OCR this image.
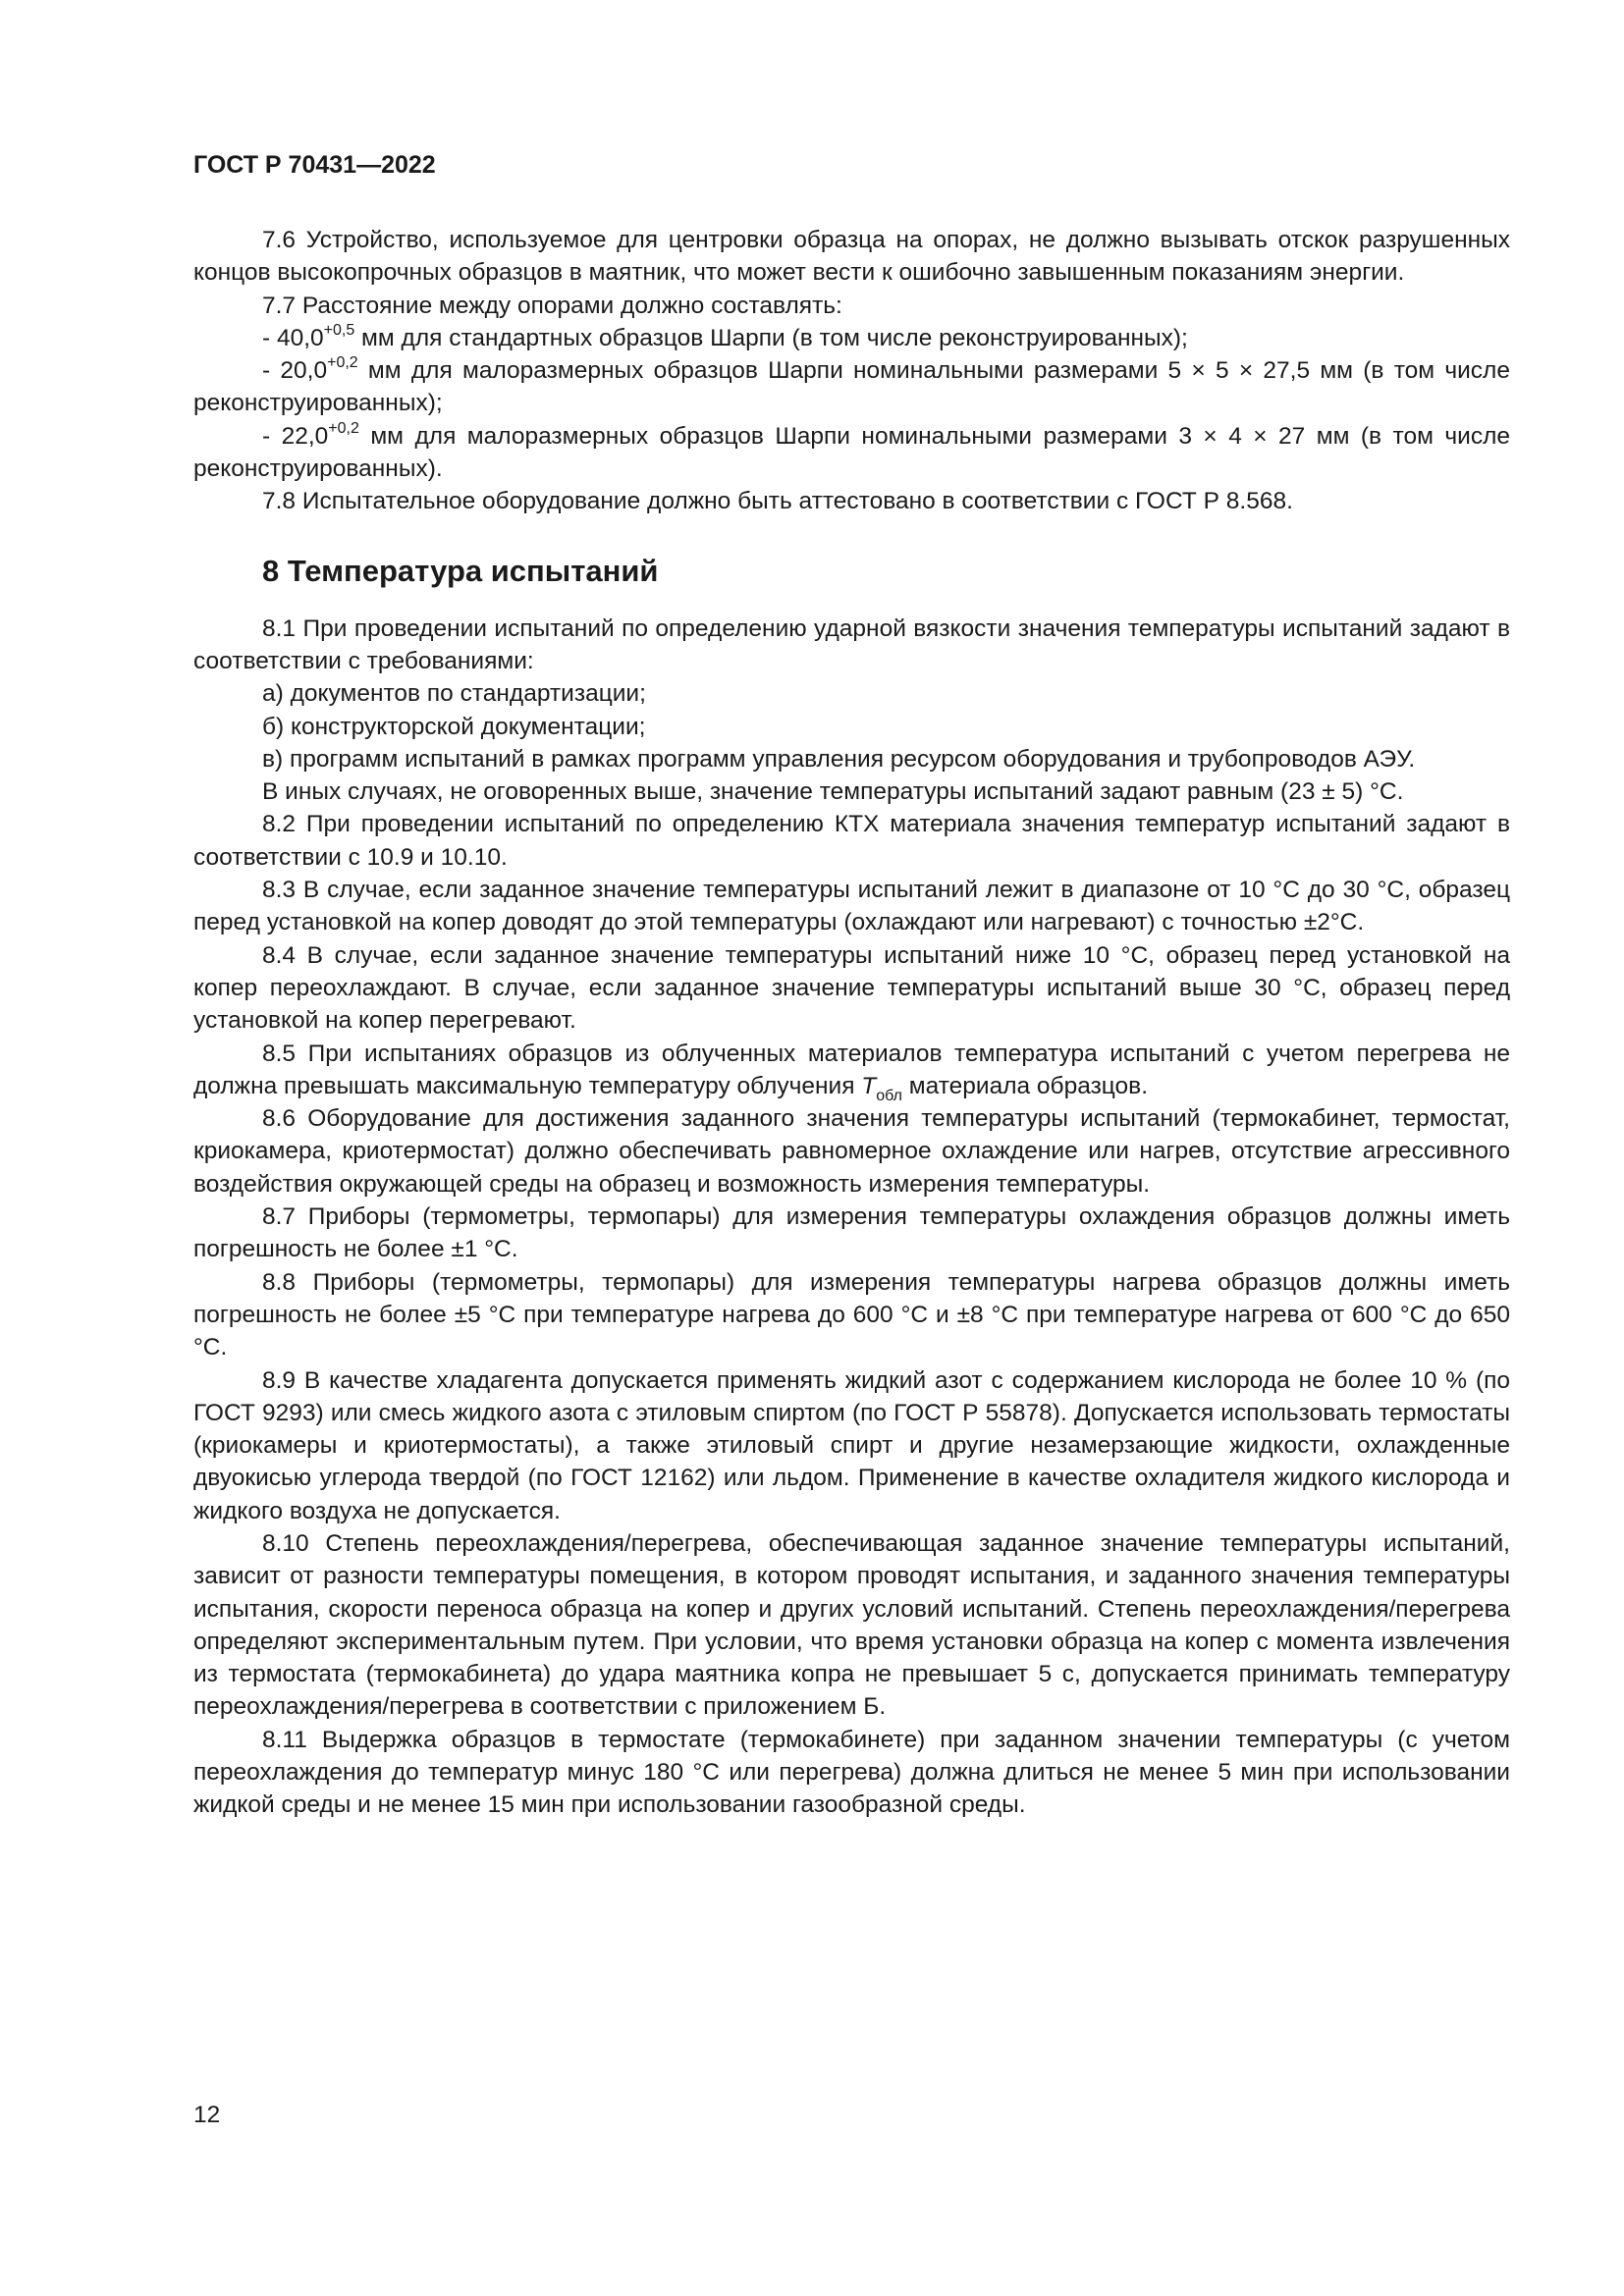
ГОСТ Р 70431—2022

7.6 Устройство, используемое для центровки образца на опорах, не должно вызывать отскок разрушенных концов высокопрочных образцов в маятник, что может вести к ошибочно завышенным показаниям энергии.

7.7 Расстояние между опорами должно составлять:

- $40,0^{+0,5}$ мм для стандартных образцов Шарпи (в том числе реконструированных);

- $20,0^{+0,2}$ мм для малоразмерных образцов Шарпи номинальными размерами 5 × 5 × 27,5 мм (в том числе реконструированных);

- $22,0^{+0,2}$ мм для малоразмерных образцов Шарпи номинальными размерами 3 × 4 × 27 мм (в том числе реконструированных).

7.8 Испытательное оборудование должно быть аттестовано в соответствии с ГОСТ Р 8.568.

8 Температура испытаний

8.1 При проведении испытаний по определению ударной вязкости значения температуры испытаний задают в соответствии с требованиями:

а) документов по стандартизации;

б) конструкторской документации;

в) программ испытаний в рамках программ управления ресурсом оборудования и трубопроводов АЭУ.

В иных случаях, не оговоренных выше, значение температуры испытаний задают равным (23 ± 5) °C.

8.2 При проведении испытаний по определению КТХ материала значения температур испытаний задают в соответствии с 10.9 и 10.10.

8.3 В случае, если заданное значение температуры испытаний лежит в диапазоне от 10 °C до 30 °C, образец перед установкой на копер доводят до этой температуры (охлаждают или нагревают) с точностью ±2°C.

8.4 В случае, если заданное значение температуры испытаний ниже 10 °C, образец перед установкой на копер переохлаждают. В случае, если заданное значение температуры испытаний выше 30 °C, образец перед установкой на копер перегревают.

8.5 При испытаниях образцов из облученных материалов температура испытаний с учетом перегрева не должна превышать максимальную температуру облучения $T_{обл}$ материала образцов.

8.6 Оборудование для достижения заданного значения температуры испытаний (термокабинет, термостат, криокамера, криотермостат) должно обеспечивать равномерное охлаждение или нагрев, отсутствие агрессивного воздействия окружающей среды на образец и возможность измерения температуры.

8.7 Приборы (термометры, термопары) для измерения температуры охлаждения образцов должны иметь погрешность не более ±1 °C.

8.8 Приборы (термометры, термопары) для измерения температуры нагрева образцов должны иметь погрешность не более ±5 °C при температуре нагрева до 600 °C и ±8 °C при температуре нагрева от 600 °C до 650 °C.

8.9 В качестве хладагента допускается применять жидкий азот с содержанием кислорода не более 10 % (по ГОСТ 9293) или смесь жидкого азота с этиловым спиртом (по ГОСТ Р 55878). Допускается использовать термостаты (криокамеры и криотермостаты), а также этиловый спирт и другие незамерзающие жидкости, охлажденные двуокисью углерода твердой (по ГОСТ 12162) или льдом. Применение в качестве охладителя жидкого кислорода и жидкого воздуха не допускается.

8.10 Степень переохлаждения/перегрева, обеспечивающая заданное значение температуры испытаний, зависит от разности температуры помещения, в котором проводят испытания, и заданного значения температуры испытания, скорости переноса образца на копер и других условий испытаний. Степень переохлаждения/перегрева определяют экспериментальным путем. При условии, что время установки образца на копер с момента извлечения из термостата (термокабинета) до удара маятника копра не превышает 5 с, допускается принимать температуру переохлаждения/перегрева в соответствии с приложением Б.

8.11 Выдержка образцов в термостате (термокабинете) при заданном значении температуры (с учетом переохлаждения до температур минус 180 °C или перегрева) должна длиться не менее 5 мин при использовании жидкой среды и не менее 15 мин при использовании газообразной среды.

12
